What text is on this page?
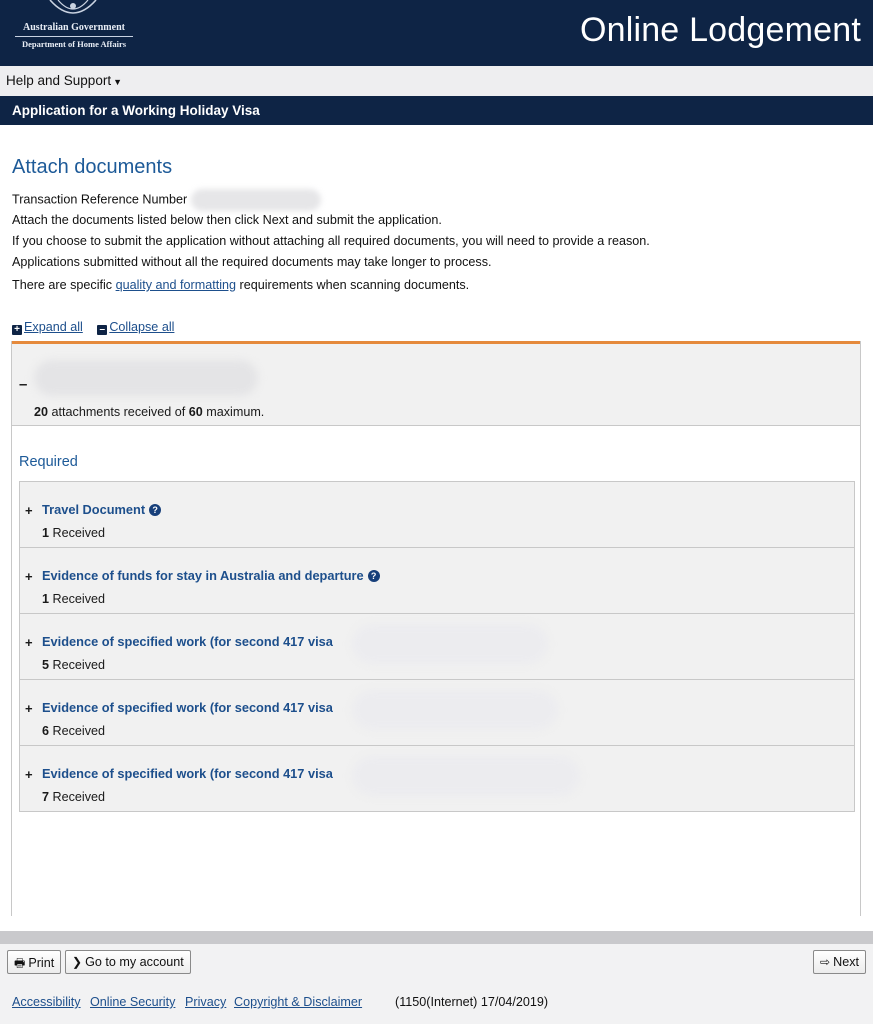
Australian Government
Department of Home Affairs	Online Lodgement
Help and Support ▼
Application for a Working Holiday Visa
Attach documents
Transaction Reference Number
Attach the documents listed below then click Next and submit the application.
If you choose to submit the application without attaching all required documents, you will need to provide a reason.
Applications submitted without all the required documents may take longer to process.
There are specific quality and formatting requirements when scanning documents.
+ Expand all – Collapse all
–
20 attachments received of 60 maximum.
Required
+ Travel Document ?
1 Received
+ Evidence of funds for stay in Australia and departure ?
1 Received
+ Evidence of specified work (for second 417 visa
5 Received
+ Evidence of specified work (for second 417 visa
6 Received
+ Evidence of specified work (for second 417 visa
7 Received
🖶 Print	❯ Go to my account	⇨ Next
Accessibility Online Security Privacy Copyright & Disclaimer	(1150(Internet) 17/04/2019)
